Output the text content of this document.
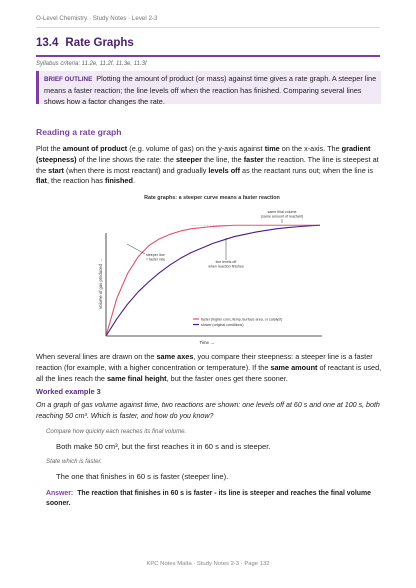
O-Level Chemistry · Study Notes · Level 2-3
13.4 Rate Graphs
Syllabus criteria: 11.2e, 11.2f, 11.3e, 11.3f
BRIEF OUTLINE Plotting the amount of product (or mass) against time gives a rate graph. A steeper line means a faster reaction; the line levels off when the reaction has finished. Comparing several lines shows how a factor changes the rate.
Reading a rate graph
Plot the amount of product (e.g. volume of gas) on the y-axis against time on the x-axis. The gradient (steepness) of the line shows the rate: the steeper the line, the faster the reaction. The line is steepest at the start (when there is most reactant) and gradually levels off as the reactant runs out; when the line is flat, the reaction has finished.
Rate graphs: a steeper curve means a faster reaction
Volume of gas produced →
Time →
same final volume
(same amount of reactant)
steeper line
= faster rate
line levels off
when reaction finishes
faster (higher conc./temp./surface area, or catalyst)
slower (original conditions)
When several lines are drawn on the same axes, you compare their steepness: a steeper line is a faster reaction (for example, with a higher concentration or temperature). If the same amount of reactant is used, all the lines reach the same final height, but the faster ones get there sooner.
Worked example 3
On a graph of gas volume against time, two reactions are shown: one levels off at 60 s and one at 100 s, both reaching 50 cm³. Which is faster, and how do you know?
Compare how quickly each reaches its final volume.
Both make 50 cm³, but the first reaches it in 60 s and is steeper.
State which is faster.
The one that finishes in 60 s is faster (steeper line).
Answer: The reaction that finishes in 60 s is faster - its line is steeper and reaches the final volume sooner.
KPC Notes Malta · Study Notes 2-3 · Page 132
